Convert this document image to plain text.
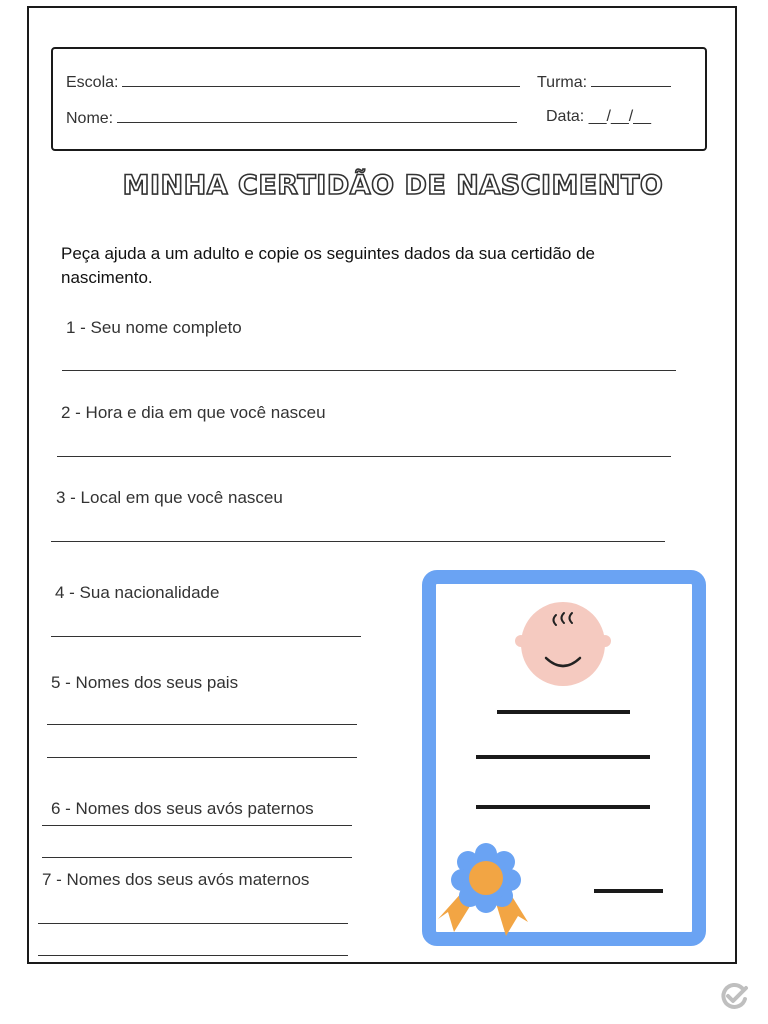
Escola:	Turma:
Nome:	Data: __/__/__
MINHA CERTIDÃO DE NASCIMENTO
Peça ajuda a um adulto e copie os seguintes dados da sua certidão de nascimento.
1 - Seu nome completo
2 - Hora e dia em que você nasceu
3 - Local em que você nasceu
4 - Sua nacionalidade
5 - Nomes dos seus pais
6 - Nomes dos seus avós paternos
7 - Nomes dos seus avós maternos
